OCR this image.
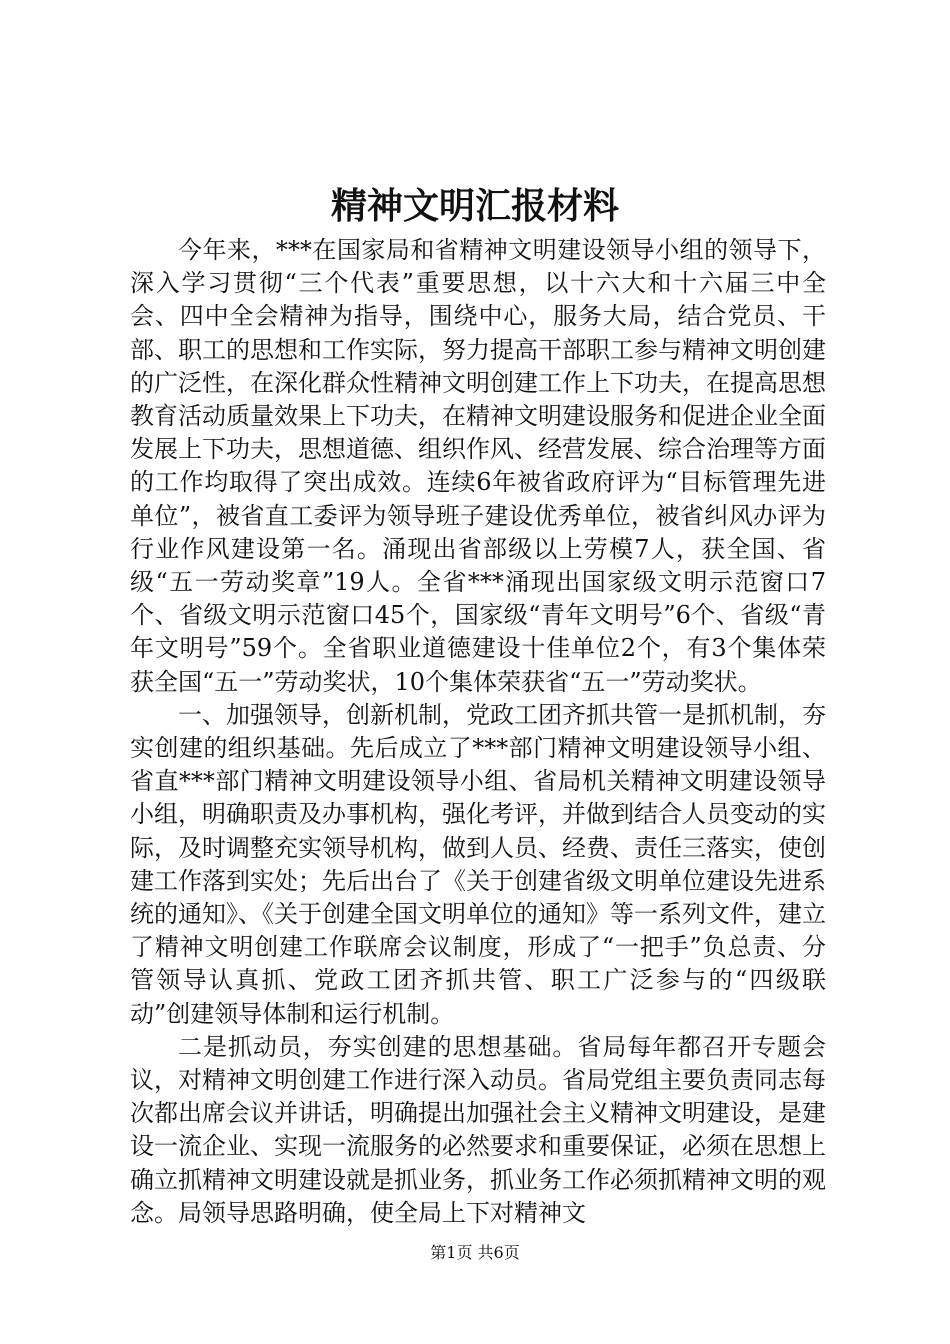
精神文明汇报材料

今年来，***在国家局和省精神文明建设领导小组的领导下，深入学习贯彻“三个代表”重要思想，以十六大和十六届三中全会、四中全会精神为指导，围绕中心，服务大局，结合党员、干部、职工的思想和工作实际，努力提高干部职工参与精神文明创建的广泛性，在深化群众性精神文明创建工作上下功夫，在提高思想教育活动质量效果上下功夫，在精神文明建设服务和促进企业全面发展上下功夫，思想道德、组织作风、经营发展、综合治理等方面的工作均取得了突出成效。连续6年被省政府评为“目标管理先进单位”，被省直工委评为领导班子建设优秀单位，被省纠风办评为行业作风建设第一名。涌现出省部级以上劳模7人，获全国、省级“五一劳动奖章”19人。全省***涌现出国家级文明示范窗口7个、省级文明示范窗口45个，国家级“青年文明号”6个、省级“青年文明号”59个。全省职业道德建设十佳单位2个，有3个集体荣获全国“五一”劳动奖状，10个集体荣获省“五一”劳动奖状。

一、加强领导，创新机制，党政工团齐抓共管一是抓机制，夯实创建的组织基础。先后成立了***部门精神文明建设领导小组、省直***部门精神文明建设领导小组、省局机关精神文明建设领导小组，明确职责及办事机构，强化考评，并做到结合人员变动的实际，及时调整充实领导机构，做到人员、经费、责任三落实，使创建工作落到实处；先后出台了《关于创建省级文明单位建设先进系统的通知》、《关于创建全国文明单位的通知》等一系列文件，建立了精神文明创建工作联席会议制度，形成了“一把手”负总责、分管领导认真抓、党政工团齐抓共管、职工广泛参与的“四级联动”创建领导体制和运行机制。

二是抓动员，夯实创建的思想基础。省局每年都召开专题会议，对精神文明创建工作进行深入动员。省局党组主要负责同志每次都出席会议并讲话，明确提出加强社会主义精神文明建设，是建设一流企业、实现一流服务的必然要求和重要保证，必须在思想上确立抓精神文明建设就是抓业务，抓业务工作必须抓精神文明的观念。局领导思路明确，使全局上下对精神文

第1页 共6页
